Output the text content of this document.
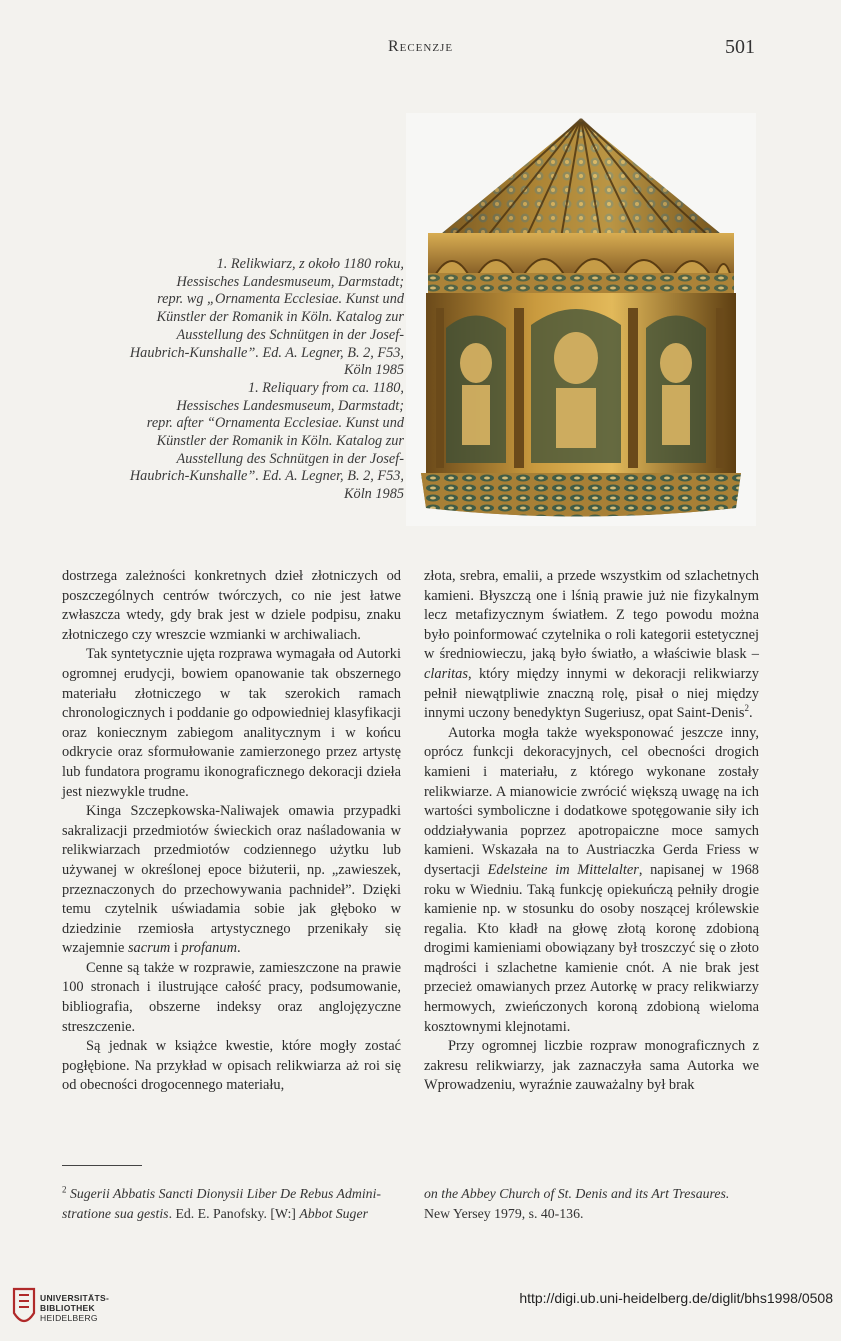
Recenzje	501
1. Relikwiarz, z około 1180 roku,
Hessisches Landesmuseum, Darmstadt;
repr. wg „Ornamenta Ecclesiae. Kunst und
Künstler der Romanik in Köln. Katalog zur
Ausstellung des Schnütgen in der Josef-
Haubrich-Kunshalle”. Ed. A. Legner, B. 2, F53,
Köln 1985
1. Reliquary from ca. 1180,
Hessisches Landesmuseum, Darmstadt;
repr. after “Ornamenta Ecclesiae. Kunst und
Künstler der Romanik in Köln. Katalog zur
Ausstellung des Schnütgen in der Josef-
Haubrich-Kunshalle”. Ed. A. Legner, B. 2, F53,
Köln 1985

dostrzega zależności konkretnych dzieł złotniczych od poszczególnych centrów twórczych, co nie jest łatwe zwłaszcza wtedy, gdy brak jest w dziele podpisu, znaku złotniczego czy wreszcie wzmianki w archiwaliach.

Tak syntetycznie ujęta rozprawa wymagała od Autorki ogromnej erudycji, bowiem opanowanie tak obszernego materiału złotniczego w tak szerokich ramach chronologicznych i poddanie go odpowiedniej klasyfikacji oraz koniecznym zabiegom analitycznym i w końcu odkrycie oraz sformułowanie zamierzonego przez artystę lub fundatora programu ikonograficznego dekoracji dzieła jest niezwykle trudne.

Kinga Szczepkowska-Naliwajek omawia przypadki sakralizacji przedmiotów świeckich oraz naśladowania w relikwiarzach przedmiotów codziennego użytku lub używanej w określonej epoce biżuterii, np. „zawieszek, przeznaczonych do przechowywania pachnideł”. Dzięki temu czytelnik uświadamia sobie jak głęboko w dziedzinie rzemiosła artystycznego przenikały się wzajemnie sacrum i profanum.

Cenne są także w rozprawie, zamieszczone na prawie 100 stronach i ilustrujące całość pracy, podsumowanie, bibliografia, obszerne indeksy oraz anglojęzyczne streszczenie.

Są jednak w książce kwestie, które mogły zostać pogłębione. Na przykład w opisach relikwiarza aż roi się od obecności drogocennego materiału,

złota, srebra, emalii, a przede wszystkim od szlachetnych kamieni. Błyszczą one i lśnią prawie już nie fizykalnym lecz metafizycznym światłem. Z tego powodu można było poinformować czytelnika o roli kategorii estetycznej w średniowieczu, jaką było światło, a właściwie blask – claritas, który między innymi w dekoracji relikwiarzy pełnił niewątpliwie znaczną rolę, pisał o niej między innymi uczony benedyktyn Sugeriusz, opat Saint-Denis$^2$.

Autorka mogła także wyeksponować jeszcze inny, oprócz funkcji dekoracyjnych, cel obecności drogich kamieni i materiału, z którego wykonane zostały relikwiarze. A mianowicie zwrócić większą uwagę na ich wartości symboliczne i dodatkowe spotęgowanie siły ich oddziaływania poprzez apotropaiczne moce samych kamieni. Wskazała na to Austriaczka Gerda Friess w dysertacji Edelsteine im Mittelalter, napisanej w 1968 roku w Wiedniu. Taką funkcję opiekuńczą pełniły drogie kamienie np. w stosunku do osoby noszącej królewskie regalia. Kto kładł na głowę złotą koronę zdobioną drogimi kamieniami obowiązany był troszczyć się o złoto mądrości i szlachetne kamienie cnót. A nie brak jest przecież omawianych przez Autorkę w pracy relikwiarzy hermowych, zwieńczonych koroną zdobioną wieloma kosztownymi klejnotami.

Przy ogromnej liczbie rozpraw monograficznych z zakresu relikwiarzy, jak zaznaczyła sama Autorka we Wprowadzeniu, wyraźnie zauważalny był brak

$^2$ Sugerii Abbatis Sancti Dionysii Liber De Rebus Admini-
stratione sua gestis. Ed. E. Panofsky. [W:] Abbot Suger
on the Abbey Church of St. Denis and its Art Tresaures.
New Yersey 1979, s. 40-136.
UNIVERSITÄTS-
BIBLIOTHEK
HEIDELBERG
http://digi.ub.uni-heidelberg.de/diglit/bhs1998/0508
